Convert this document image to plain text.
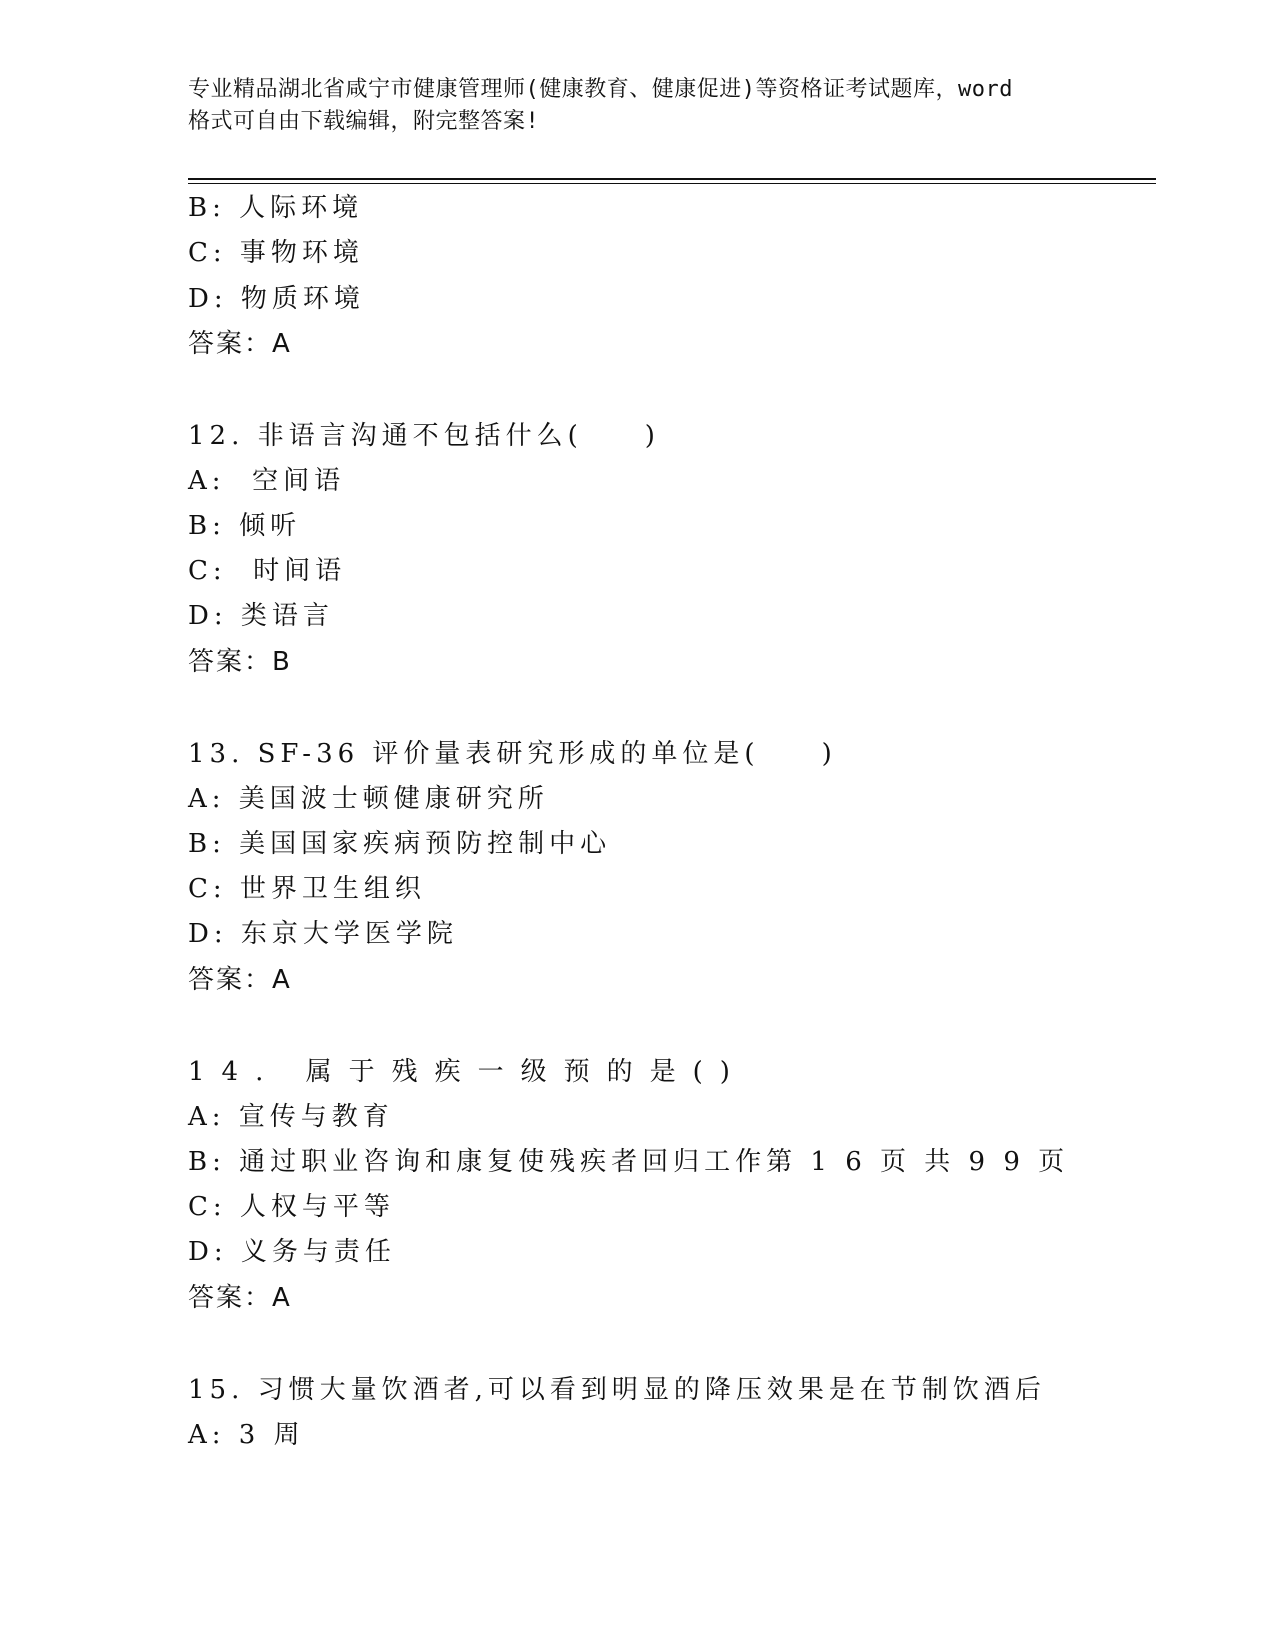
专业精品湖北省咸宁市健康管理师(健康教育、健康促进)等资格证考试题库，word
格式可自由下载编辑，附完整答案!
B: 人际环境
C: 事物环境
D: 物质环境
答案：A
12. 非语言沟通不包括什么(　　)
A:  空间语
B: 倾听
C:  时间语
D: 类语言
答案：B
13. SF-36 评价量表研究形成的单位是(　　)
A: 美国波士顿健康研究所
B: 美国国家疾病预防控制中心
C: 世界卫生组织
D: 东京大学医学院
答案：A
14. 属于残疾一级预的是()
A: 宣传与教育
B: 通过职业咨询和康复使残疾者回归工作第 1 6 页 共 9 9 页
C: 人权与平等
D: 义务与责任
答案：A
15. 习惯大量饮酒者,可以看到明显的降压效果是在节制饮酒后
A: 3 周
